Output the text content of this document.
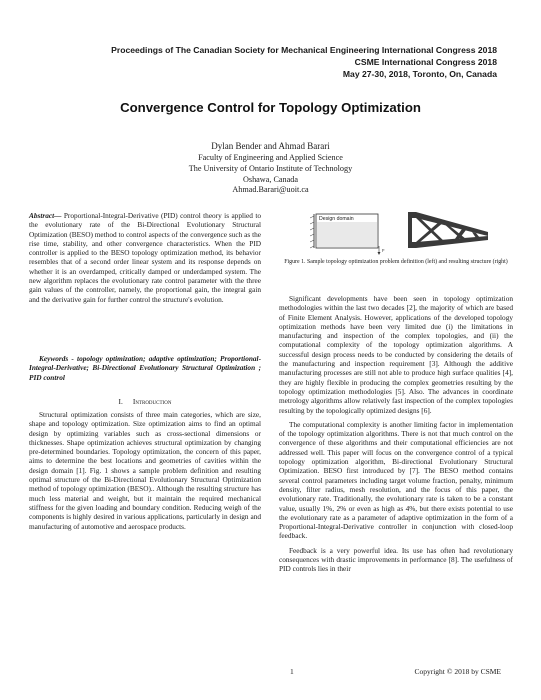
Proceedings of The Canadian Society for Mechanical Engineering International Congress 2018
CSME International Congress 2018
May 27-30, 2018, Toronto, On, Canada
Convergence Control for Topology Optimization
Dylan Bender and Ahmad Barari
Faculty of Engineering and Applied Science
The University of Ontario Institute of Technology
Oshawa, Canada
Ahmad.Barari@uoit.ca

Abstract— Proportional-Integral-Derivative (PID) control theory is applied to the evolutionary rate of the Bi-Directional Evolutionary Structural Optimization (BESO) method to control aspects of the convergence such as the rise time, stability, and other convergence characteristics. When the PID controller is applied to the BESO topology optimization method, its behavior resembles that of a second order linear system and its response depends on whether it is an overdamped, critically damped or underdamped system. The new algorithm replaces the evolutionary rate control parameter with the three gain values of the controller, namely, the proportional gain, the integral gain and the derivative gain for further control the structure's evolution.

Keywords - topology optimization; adaptive optimization; Proportional-Integral-Derivative; Bi-Directional Evolutionary Structural Optimization ; PID control

I. Introduction

Structural optimization consists of three main categories, which are size, shape and topology optimization. Size optimization aims to find an optimal design by optimizing variables such as cross-sectional dimensions or thicknesses. Shape optimization achieves structural optimization by changing pre-determined boundaries. Topology optimization, the concern of this paper, aims to determine the best locations and geometries of cavities within the design domain [1]. Fig. 1 shows a sample problem definition and resulting optimal structure of the Bi-Directional Evolutionary Structural Optimization method of topology optimization (BESO).. Although the resulting structure has much less material and weight, but it maintain the required mechanical stiffness for the given loading and boundary condition. Reducing weigh of the components is highly desired in various applications, particularly in design and manufacturing of automotive and aerospace products.

Design domain
F
Figure 1. Sample topology optimization problem definition (left) and resulting structure (right)

Significant developments have been seen in topology optimization methodologies within the last two decades [2], the majority of which are based of Finite Element Analysis. However, applications of the developed topology optimization methods have been very limited due (i) the limitations in manufacturing and inspection of the complex topologies, and (ii) the computational complexity of the topology optimization algorithms. A successful design process needs to be conducted by considering the details of the manufacturing and inspection requirement [3]. Although the additive manufacturing processes are still not able to produce high surface qualities [4], they are highly flexible in producing the complex geometries resulting by the topology optimization methodologies [5]. Also. The advances in coordinate metrology algorithms allow relatively fast inspection of the complex topologies resulting by the topologically optimized designs [6].

The computational complexity is another limiting factor in implementation of the topology optimization algorithms. There is not that much control on the convergence of these algorithms and their computational efficiencies are not addressed well. This paper will focus on the convergence control of a typical topology optimization algorithm, Bi-directional Evolutionary Structural Optimization. BESO first introduced by [7]. The BESO method contains several control parameters including target volume fraction, penalty, minimum density, filter radius, mesh resolution, and the focus of this paper, the evolutionary rate. Traditionally, the evolutionary rate is taken to be a constant value, usually 1%, 2% or even as high as 4%, but there exists potential to use the evolutionary rate as a parameter of adaptive optimization in the form of a Proportional-Integral-Derivative controller in conjunction with closed-loop feedback.

Feedback is a very powerful idea. Its use has often had revolutionary consequences with drastic improvements in performance [8]. The usefulness of PID controls lies in their

1	Copyright © 2018 by CSME
